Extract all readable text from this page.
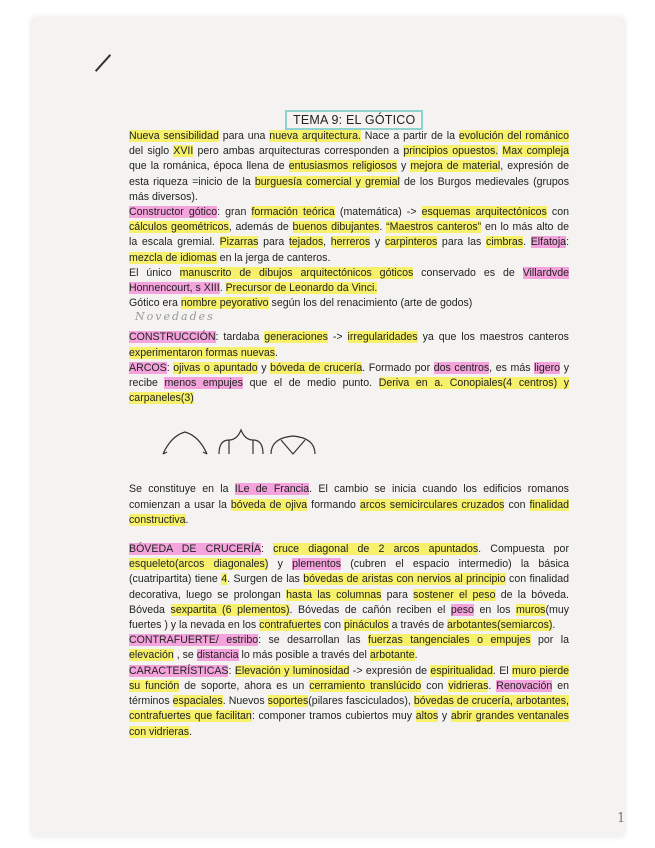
TEMA 9: EL GÓTICO
Nueva sensibilidad para una nueva arquitectura. Nace a partir de la evolución del románico del siglo XVII pero ambas arquitecturas corresponden a principios opuestos. Max compleja que la románica, época llena de entusiasmos religiosos y mejora de material, expresión de esta riqueza =inicio de la burguesía comercial y gremial de los Burgos medievales (grupos más diversos).
Constructor gótico: gran formación teórica (matemática) -> esquemas arquitectónicos con cálculos geométricos, además de buenos dibujantes. “Maestros canteros” en lo más alto de la escala gremial. Pizarras para tejados, herreros y carpinteros para las cimbras. Elfatoja: mezcla de idiomas en la jerga de canteros.
El único manuscrito de dibujos arquitectónicos góticos conservado es de Villardvde Honnencourt, s XIII. Precursor de Leonardo da Vinci.
Gótico era nombre peyorativo según los del renacimiento (arte de godos)
Novedades
CONSTRUCCIÓN: tardaba generaciones -> irregularidades ya que los maestros canteros experimentaron formas nuevas.
ARCOS: ojivas o apuntado y bóveda de crucería. Formado por dos centros, es más ligero y recibe menos empujes que el de medio punto. Deriva en a. Conopiales(4 centros) y carpaneles(3)
Se constituye en la ILe de Francia. El cambio se inicia cuando los edificios romanos comienzan a usar la bóveda de ojiva formando arcos semicirculares cruzados con finalidad constructiva.
BÓVEDA DE CRUCERÍA: cruce diagonal de 2 arcos apuntados. Compuesta por esqueleto(arcos diagonales) y plementos (cubren el espacio intermedio) la básica (cuatripartita) tiene 4. Surgen de las bóvedas de aristas con nervios al principio con finalidad decorativa, luego se prolongan hasta las columnas para sostener el peso de la bóveda. Bóveda sexpartita (6 plementos). Bóvedas de cañón reciben el peso en los muros(muy fuertes ) y la nevada en los contrafuertes con pináculos a través de arbotantes(semiarcos).
CONTRAFUERTE/ estribo: se desarrollan las fuerzas tangenciales o empujes por la elevación , se distancia lo más posible a través del arbotante.
CARACTERÍSTICAS: Elevación y luminosidad -> expresión de espiritualidad. El muro pierde su función de soporte, ahora es un cerramiento translúcido con vidrieras. Renovación en términos espaciales. Nuevos soportes(pilares fasciculados), bóvedas de crucería, arbotantes, contrafuertes que facilitan: componer tramos cubiertos muy altos y abrir grandes ventanales con vidrieras.
1
